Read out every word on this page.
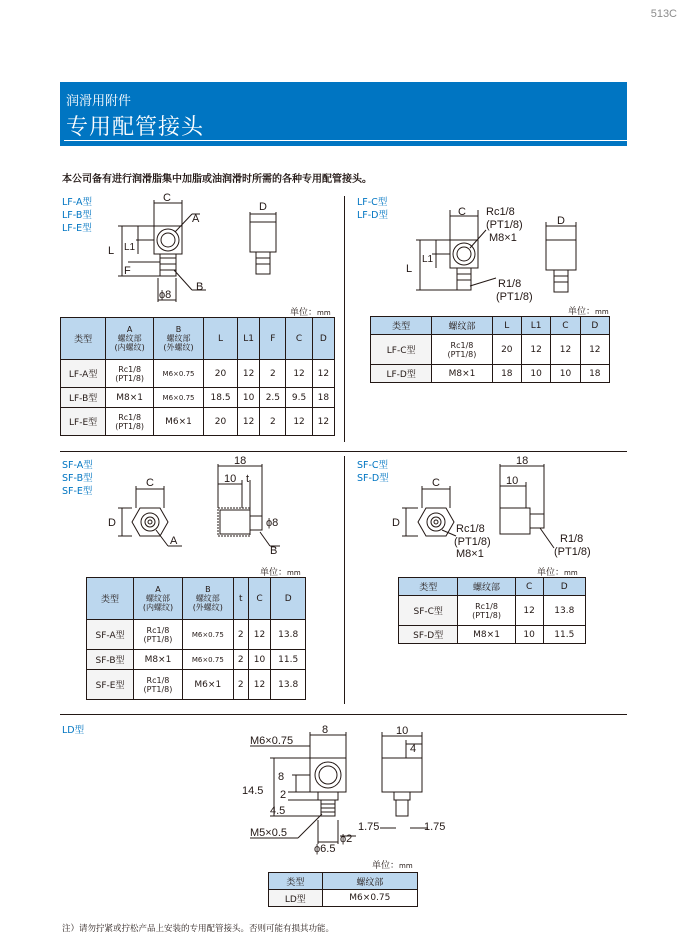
513C
润滑用附件
专用配管接头
本公司备有进行润滑脂集中加脂或油润滑时所需的各种专用配管接头。
LF-A型
LF-B型
LF-E型
C
A
L L1
F
B
ϕ8
D
单位：mm
类型	A
螺纹部
(内螺纹)	B
螺纹部
(外螺纹)	L	L1	F	C	D
LF-A型	Rc1/8
(PT1/8)	M6×0.75	20	12	2	12	12
LF-B型	M8×1	M6×0.75	18.5	10	2.5	9.5	18
LF-E型	Rc1/8
(PT1/8)	M6×1	20	12	2	12	12
LF-C型
LF-D型	C Rc1/8
(PT1/8)
M8×1
L
L1
R1/8
(PT1/8)
D
单位：mm
类型	螺纹部	L	L1	C	D
LF-C型	Rc1/8
(PT1/8)	20	12	12	12
LF-D型	M8×1	18	10	10	18
SF-A型
SF-B型
SF-E型
18
10 t
C
D
A
ϕ8
B
单位：mm
类型	A
螺纹部
(内螺纹)	B
螺纹部
(外螺纹)	t	C	D
SF-A型	Rc1/8
(PT1/8)	M6×0.75	2	12	13.8
SF-B型	M8×1	M6×0.75	2	10	11.5
SF-E型	Rc1/8
(PT1/8)	M6×1	2	12	13.8
SF-C型
SF-D型
18
10
C
D	Rc1/8
(PT1/8)
M8×1
R1/8
(PT1/8)
单位：mm
类型	螺纹部	C	D
SF-C型	Rc1/8
(PT1/8)	12	13.8
SF-D型	M8×1	10	11.5
LD型
M6×0.75
8
14.5
8
2
4.5
M5×0.5	ϕ2
ϕ6.5
1.75	1.75
10
4
单位：mm
类型	螺纹部
LD型	M6×0.75
注）请勿拧紧或拧松产品上安装的专用配管接头。否则可能有损其功能。
